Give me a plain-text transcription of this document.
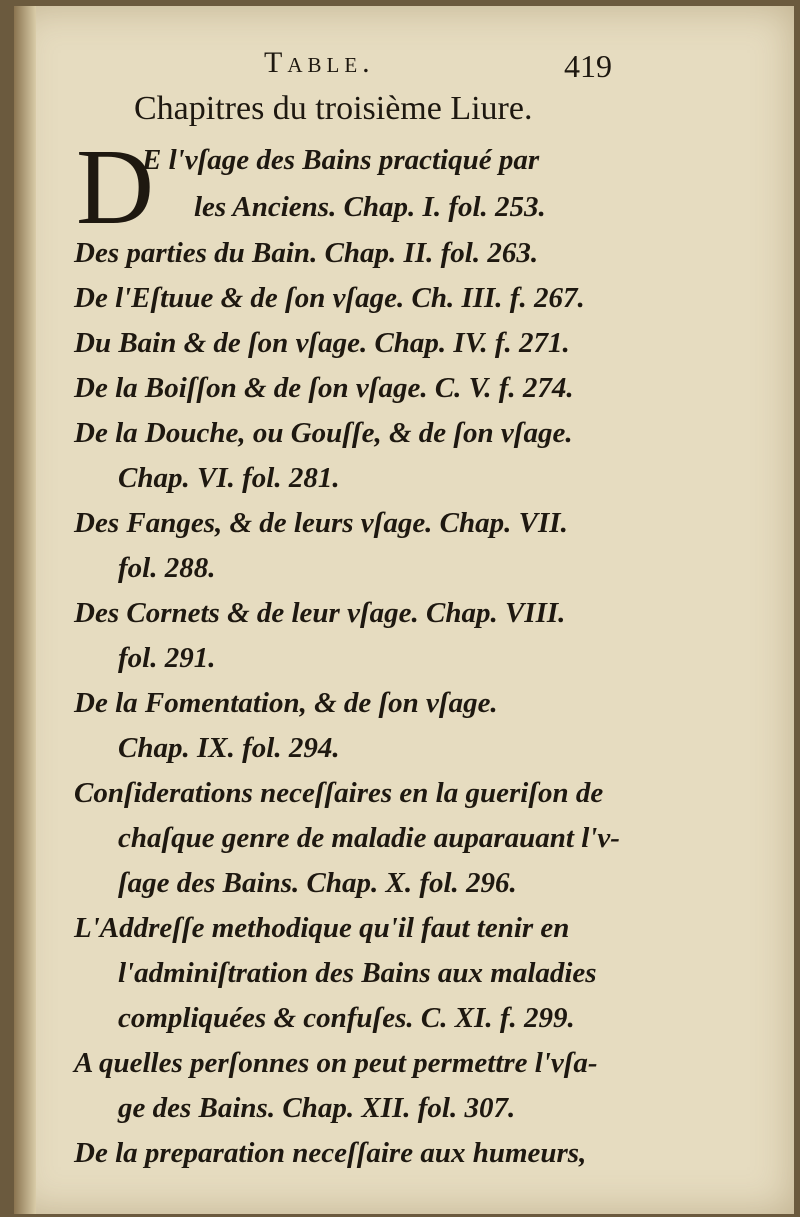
Table.	419
Chapitres du troisième Liure.
D
E l'vſage des Bains practiqué par
les Anciens. Chap. I. fol. 253.
Des parties du Bain. Chap. II. fol. 263.
De l'Eſtuue & de ſon vſage. Ch. III. f. 267.
Du Bain & de ſon vſage. Chap. IV. f. 271.
De la Boiſſon & de ſon vſage. C. V. f. 274.
De la Douche, ou Gouſſe, & de ſon vſage.
Chap. VI. fol. 281.
Des Fanges, & de leurs vſage. Chap. VII.
fol. 288.
Des Cornets & de leur vſage. Chap. VIII.
fol. 291.
De la Fomentation, & de ſon vſage.
Chap. IX. fol. 294.
Conſiderations neceſſaires en la gueriſon de
chaſque genre de maladie auparauant l'v-
ſage des Bains. Chap. X. fol. 296.
L'Addreſſe methodique qu'il faut tenir en
l'adminiſtration des Bains aux maladies
compliquées & confuſes. C. XI. f. 299.
A quelles perſonnes on peut permettre l'vſa-
ge des Bains. Chap. XII. fol. 307.
De la preparation neceſſaire aux humeurs,
